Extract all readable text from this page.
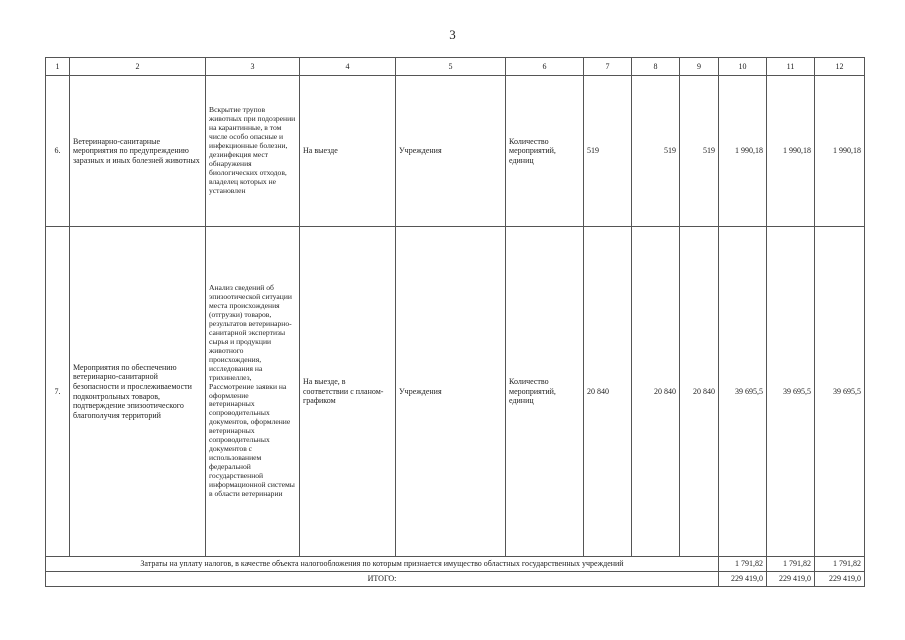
3
1	2	3	4	5	6	7	8	9	10	11	12
6.	Ветеринарно-санитарные мероприятия по предупреждению заразных и иных болезней животных	Вскрытие трупов животных при подозрении на карантинные, в том числе особо опасные и инфекционные болезни, дезинфекция мест обнаружения биологических отходов, владелец которых не установлен	На выезде	Учреждения	Количество мероприятий, единиц	519	519	519	1 990,18	1 990,18	1 990,18
7.	Мероприятия по обеспечению ветеринарно-санитарной безопасности и прослеживаемости подконтрольных товаров, подтверждение эпизоотического благополучия территорий	Анализ сведений об эпизоотической ситуации места происхождения (отгрузки) товаров, результатов ветеринарно-санитарной экспертизы сырья и продукции животного происхождения, исследования на трихинеллез, Рассмотрение заявки на оформление ветеринарных сопроводительных документов, оформление ветеринарных сопроводительных документов с использованием федеральной государственной информационной системы в области ветеринарии	На выезде, в соответствии с планом-графиком	Учреждения	Количество мероприятий, единиц	20 840	20 840	20 840	39 695,5	39 695,5	39 695,5
Затраты на уплату налогов, в качестве объекта налогообложения по которым признается имущество областных государственных учреждений									1 791,82	1 791,82	1 791,82
ИТОГО:									229 419,0	229 419,0	229 419,0
